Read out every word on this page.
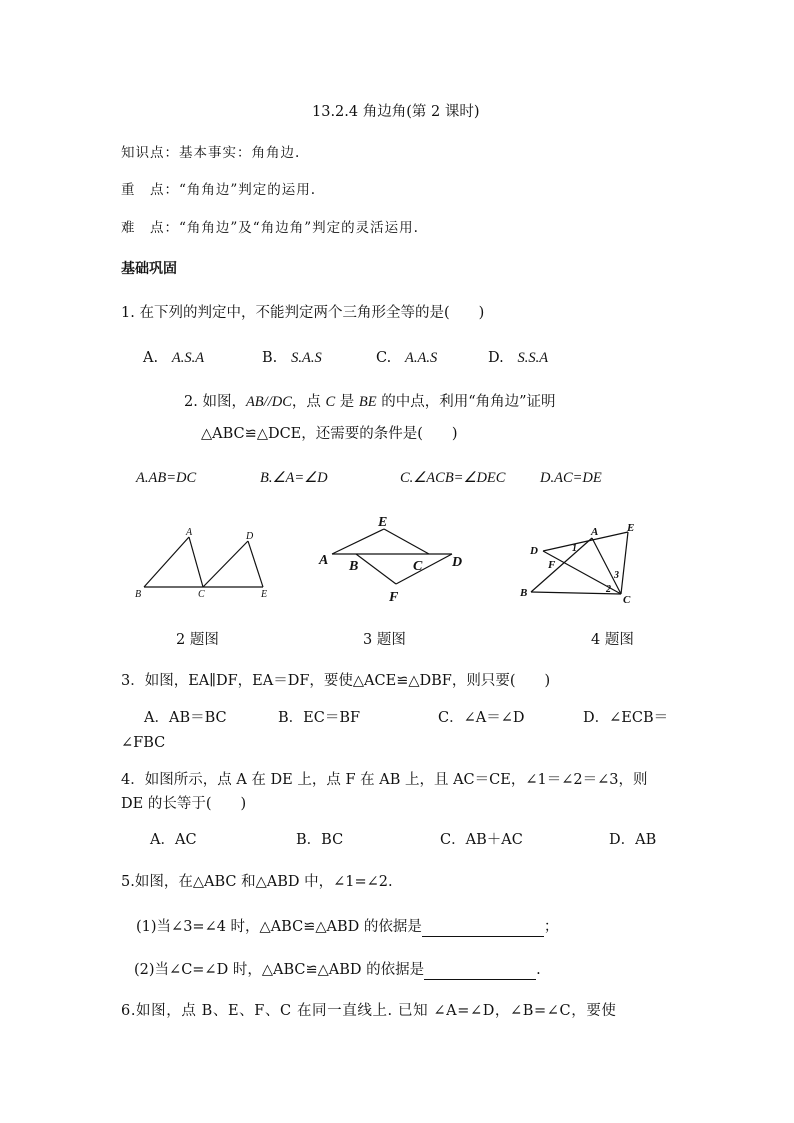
13.2.4 角边角(第 2 课时)
知识点：基本事实：角角边.
重　点：“角角边”判定的运用.
难　点：“角角边”及“角边角”判定的灵活运用.
基础巩固
1. 在下列的判定中，不能判定两个三角形全等的是(　　)
A. A.S.A	B. S.A.S	C. A.A.S	D. S.S.A
2. 如图，AB//DC，点 C 是 BE 的中点，利用“角角边”证明
△ABC≌△DCE，还需要的条件是(　　)
A.AB=DC	B.∠A=∠D	C.∠ACB=∠DEC D.AC=DE
A	D
B	C	E
2 题图
E
A B	C D
F
3 题图
A	E
D	1
F
3
2
B
C
4 题图
3．如图，EA∥DF，EA＝DF，要使△ACE≌△DBF，则只要(　　)
A．AB＝BC	B．EC＝BF	C．∠A＝∠D	D．∠ECB＝
∠FBC
4．如图所示，点 A 在 DE 上，点 F 在 AB 上，且 AC＝CE，∠1＝∠2＝∠3，则
DE 的长等于(　　)
A．AC	B．BC	C．AB＋AC	D．AB
5.如图，在△ABC 和△ABD 中，∠1=∠2.
(1)当∠3=∠4 时，△ABC≌△ABD 的依据是	；
(2)当∠C=∠D 时，△ABC≌△ABD 的依据是	.
6.如图，点 B、E、F、C 在同一直线上. 已知 ∠A=∠D，∠B=∠C，要使
